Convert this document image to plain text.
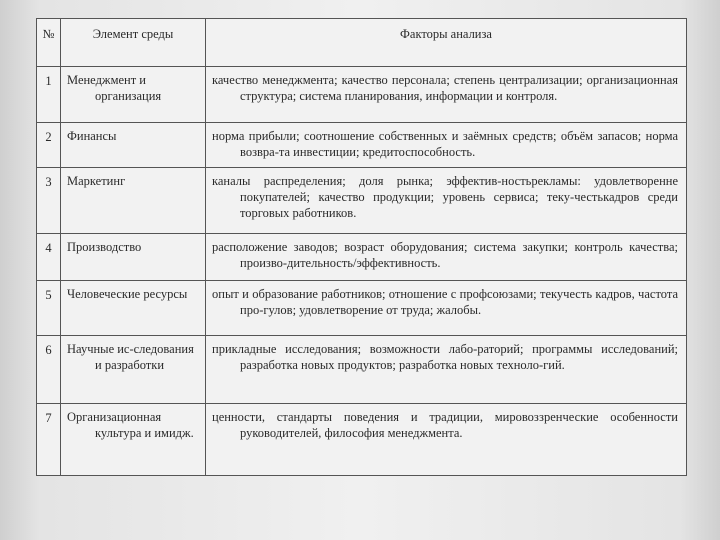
№	Элемент среды	Факторы анализа
1	Менеджмент и организация	качество менеджмента; качество персонала; степень централизации; организационная структура; система планирования, информации и контроля.

2	Финансы	норма прибыли; соотношение собственных и заёмных средств; объём запасов; норма возвра-та инвестиции; кредитоспособность.

3	Маркетинг	каналы распределения; доля рынка; эффектив-ностьрекламы: удовлетворенне покупателей; качество продукции; уровень сервиса; теку-честькадров среди торговых работников.

4	Производство	расположение заводов; возраст оборудования; система закупки; контроль качества; произво-дительность/эффективность.

5	Человеческие ресурсы	опыт и образование работников; отношение с профсоюзами; текучесть кадров, частота про-гулов; удовлетворение от труда; жалобы.

6	Научные ис-следования и разработки	прикладные исследования; возможности лабо-раторий; программы исследований; разработка новых продуктов; разработка новых техноло-гий.

7	Организационная культура и имидж.	ценности, стандарты поведения и традиции, мировоззренческие особенности руководителей, философия менеджмента.
